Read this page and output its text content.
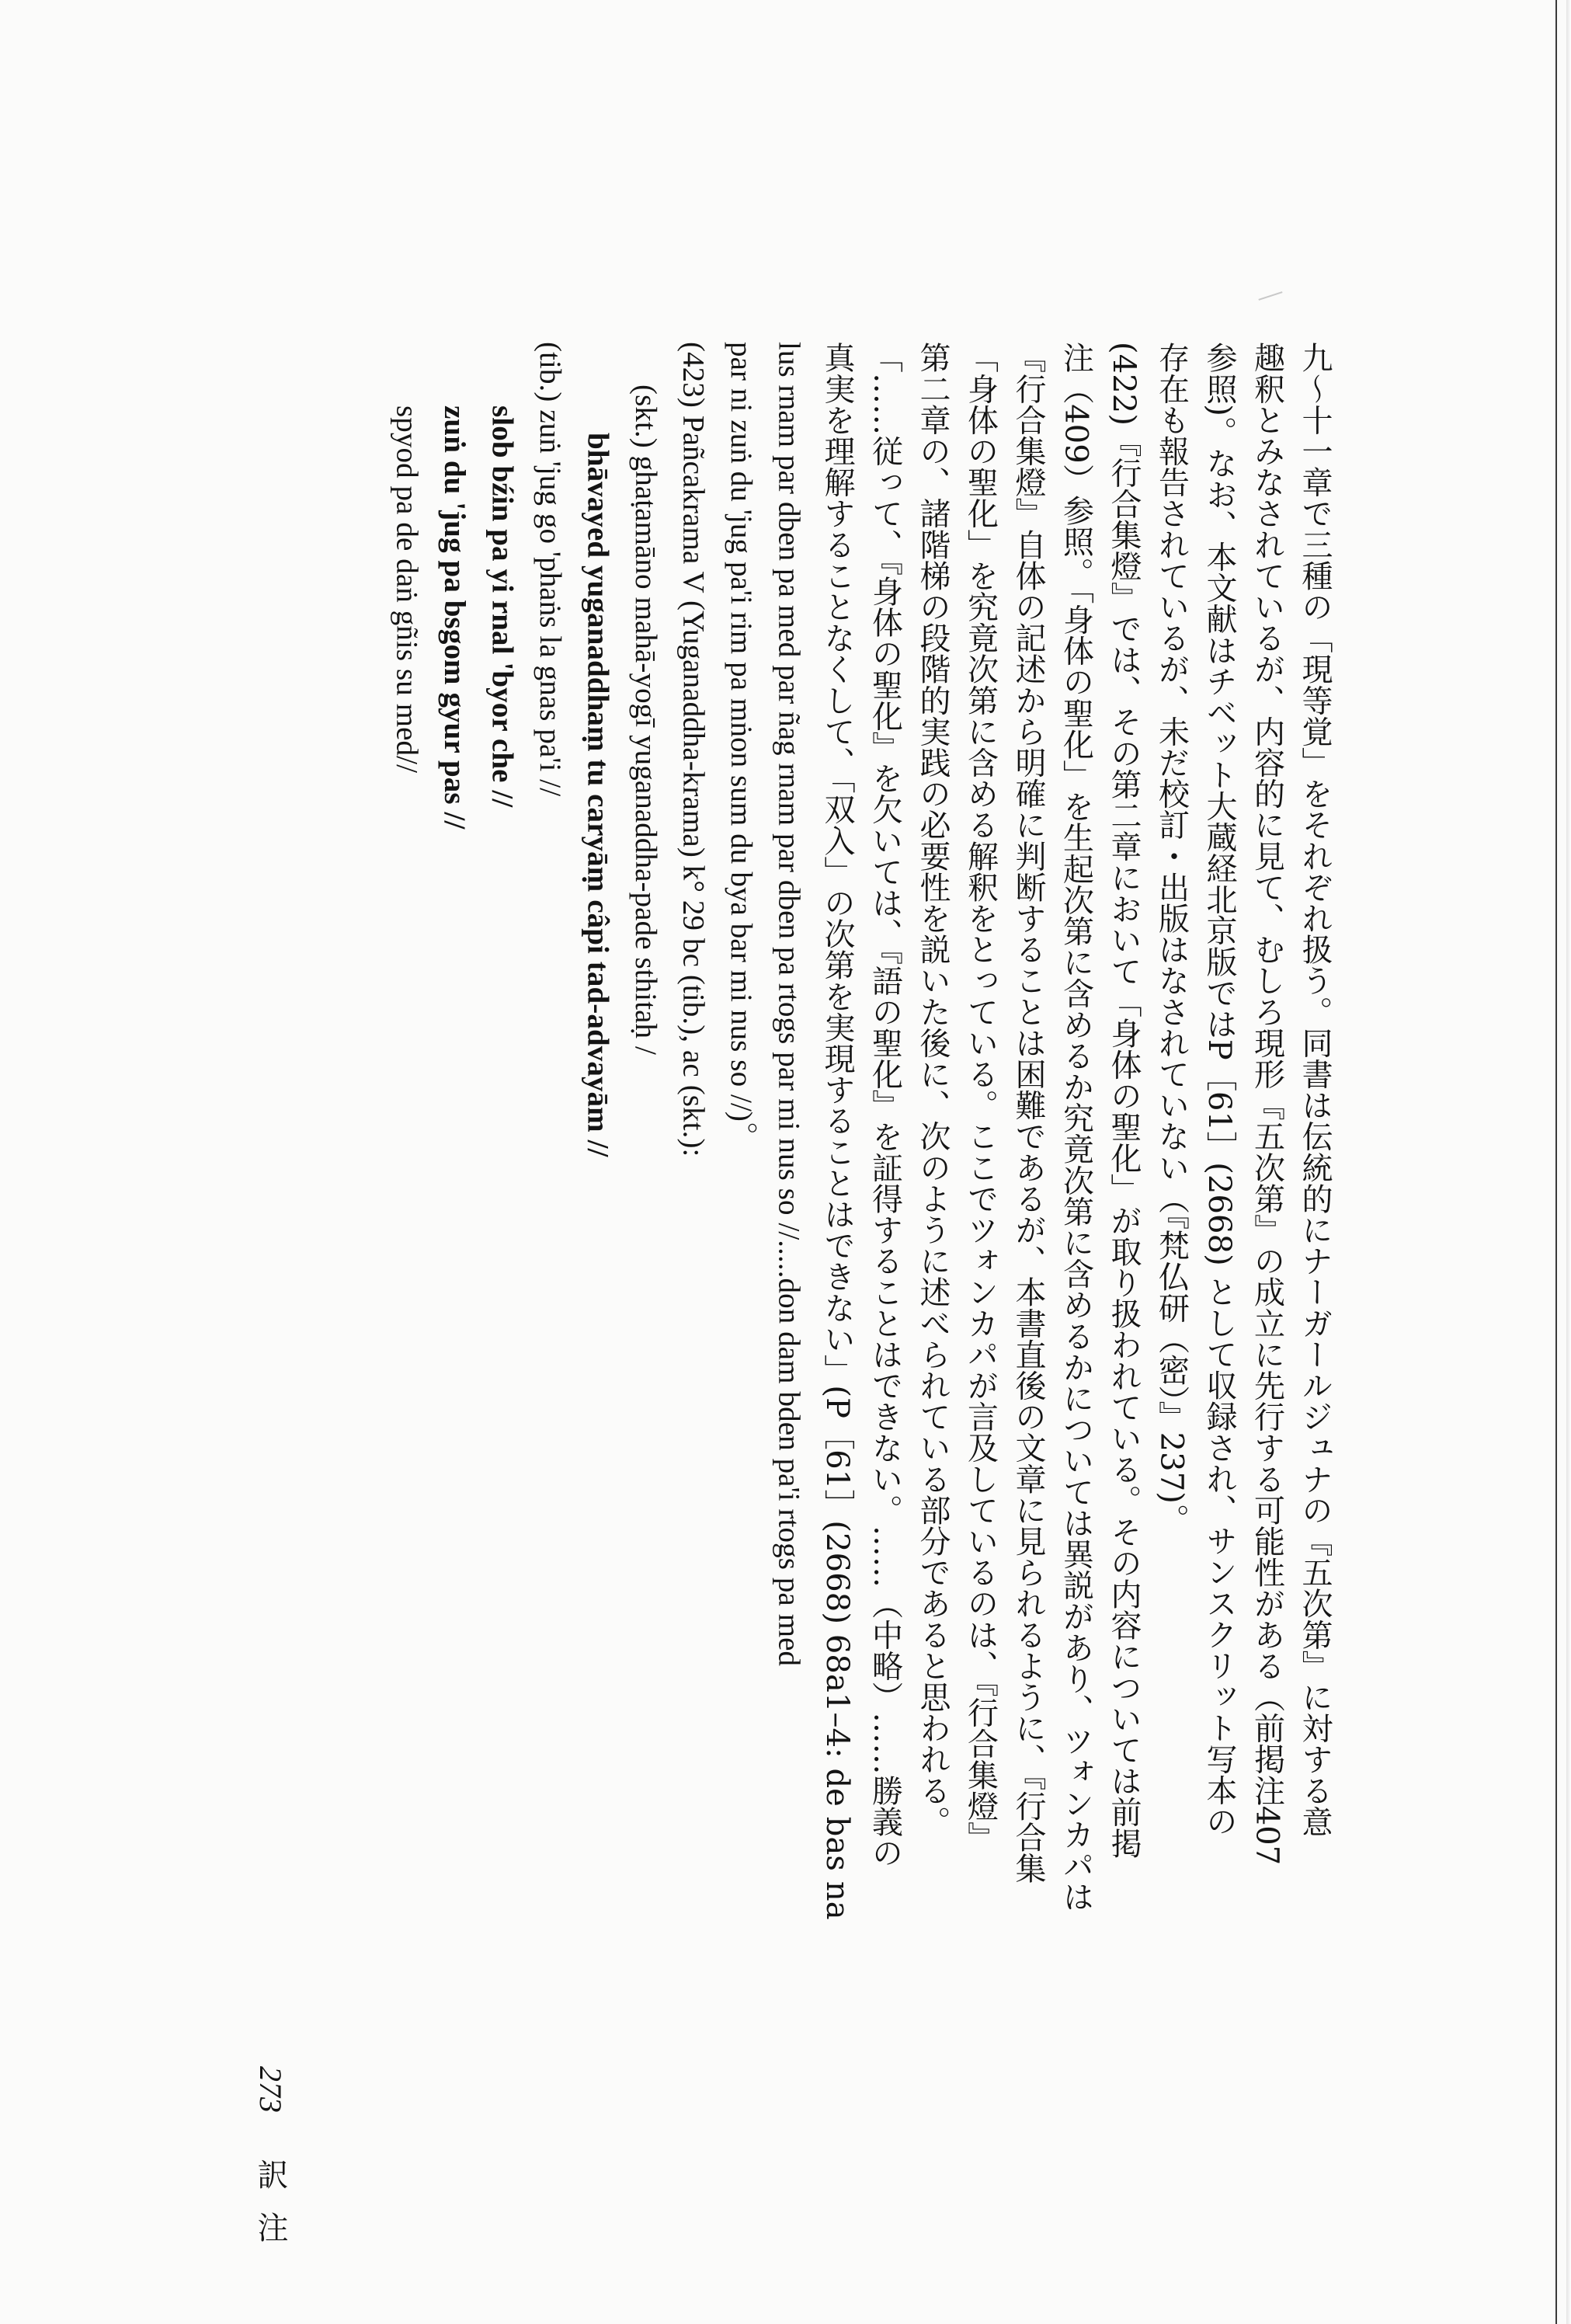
九〜十一章で三種の「現等覚」をそれぞれ扱う。同書は伝統的にナーガールジュナの『五次第』に対する意
趣釈とみなされているが、内容的に見て、むしろ現形『五次第』の成立に先行する可能性がある（前掲注407
参照)。なお、本文献はチベット大蔵経北京版ではP［61］(2668) として収録され、サンスクリット写本の
存在も報告されているが、未だ校訂・出版はなされていない（『梵仏研（密）』237)。
(422)『行合集燈』では、その第二章において「身体の聖化」が取り扱われている。その内容については前掲
注（409）参照。「身体の聖化」を生起次第に含めるか究竟次第に含めるかについては異説があり、ツォンカパは
『行合集燈』自体の記述から明確に判断することは困難であるが、本書直後の文章に見られるように、『行合集
「身体の聖化」を究竟次第に含める解釈をとっている。ここでツォンカパが言及しているのは、『行合集燈』
第二章の、諸階梯の段階的実践の必要性を説いた後に、次のように述べられている部分であると思われる。
「……従って、『身体の聖化』を欠いては、『語の聖化』を証得することはできない。……（中略）……勝義の
真実を理解することなくして、「双入」の次第を実現することはできない」(P［61］(2668) 68a1–4: de bas na
lus rnam par dben pa med par ñag rnam par dben pa rtogs par mi nus so //.....don dam bden pa'i rtogs pa med
par ni zuṅ du 'jug pa'i rim pa mṅon sum du bya bar mi nus so //)。
(423) Pañcakrama V (Yuganaddha-krama) k° 29 bc (tib.), ac (skt.):
(skt.) ghaṭamāno mahā-yogī yuganaddha-pade sthitaḥ /
bhāvayed yuganaddhaṃ tu caryāṃ câpi tad-advayām //
(tib.) zuṅ 'jug go 'phaṅs la gnas pa'i //
slob bźin pa yi rnal 'byor che //
zuṅ du 'jug pa bsgom gyur pas //
spyod pa de daṅ gñis su med//
273 訳注
